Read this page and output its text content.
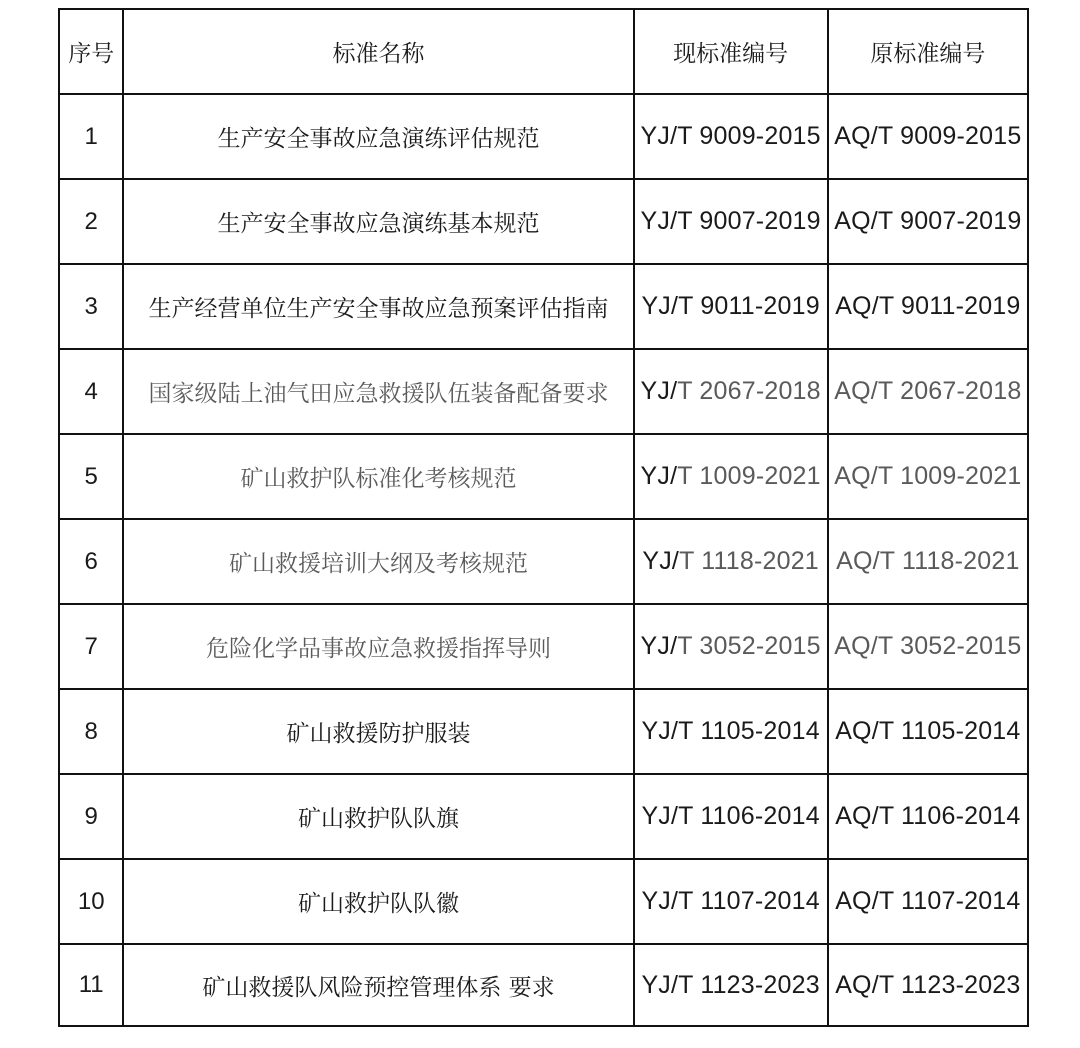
序号	标准名称	现标准编号	原标准编号
1	生产安全事故应急演练评估规范	YJ/T 9009-2015	AQ/T 9009-2015
2	生产安全事故应急演练基本规范	YJ/T 9007-2019	AQ/T 9007-2019
3	生产经营单位生产安全事故应急预案评估指南	YJ/T 9011-2019	AQ/T 9011-2019
4	国家级陆上油气田应急救援队伍装备配备要求	YJ/T 2067-2018	AQ/T 2067-2018
5	矿山救护队标准化考核规范	YJ/T 1009-2021	AQ/T 1009-2021
6	矿山救援培训大纲及考核规范	YJ/T 1118-2021	AQ/T 1118-2021
7	危险化学品事故应急救援指挥导则	YJ/T 3052-2015	AQ/T 3052-2015
8	矿山救援防护服装	YJ/T 1105-2014	AQ/T 1105-2014
9	矿山救护队队旗	YJ/T 1106-2014	AQ/T 1106-2014
10	矿山救护队队徽	YJ/T 1107-2014	AQ/T 1107-2014
11	矿山救援队风险预控管理体系 要求	YJ/T 1123-2023	AQ/T 1123-2023
